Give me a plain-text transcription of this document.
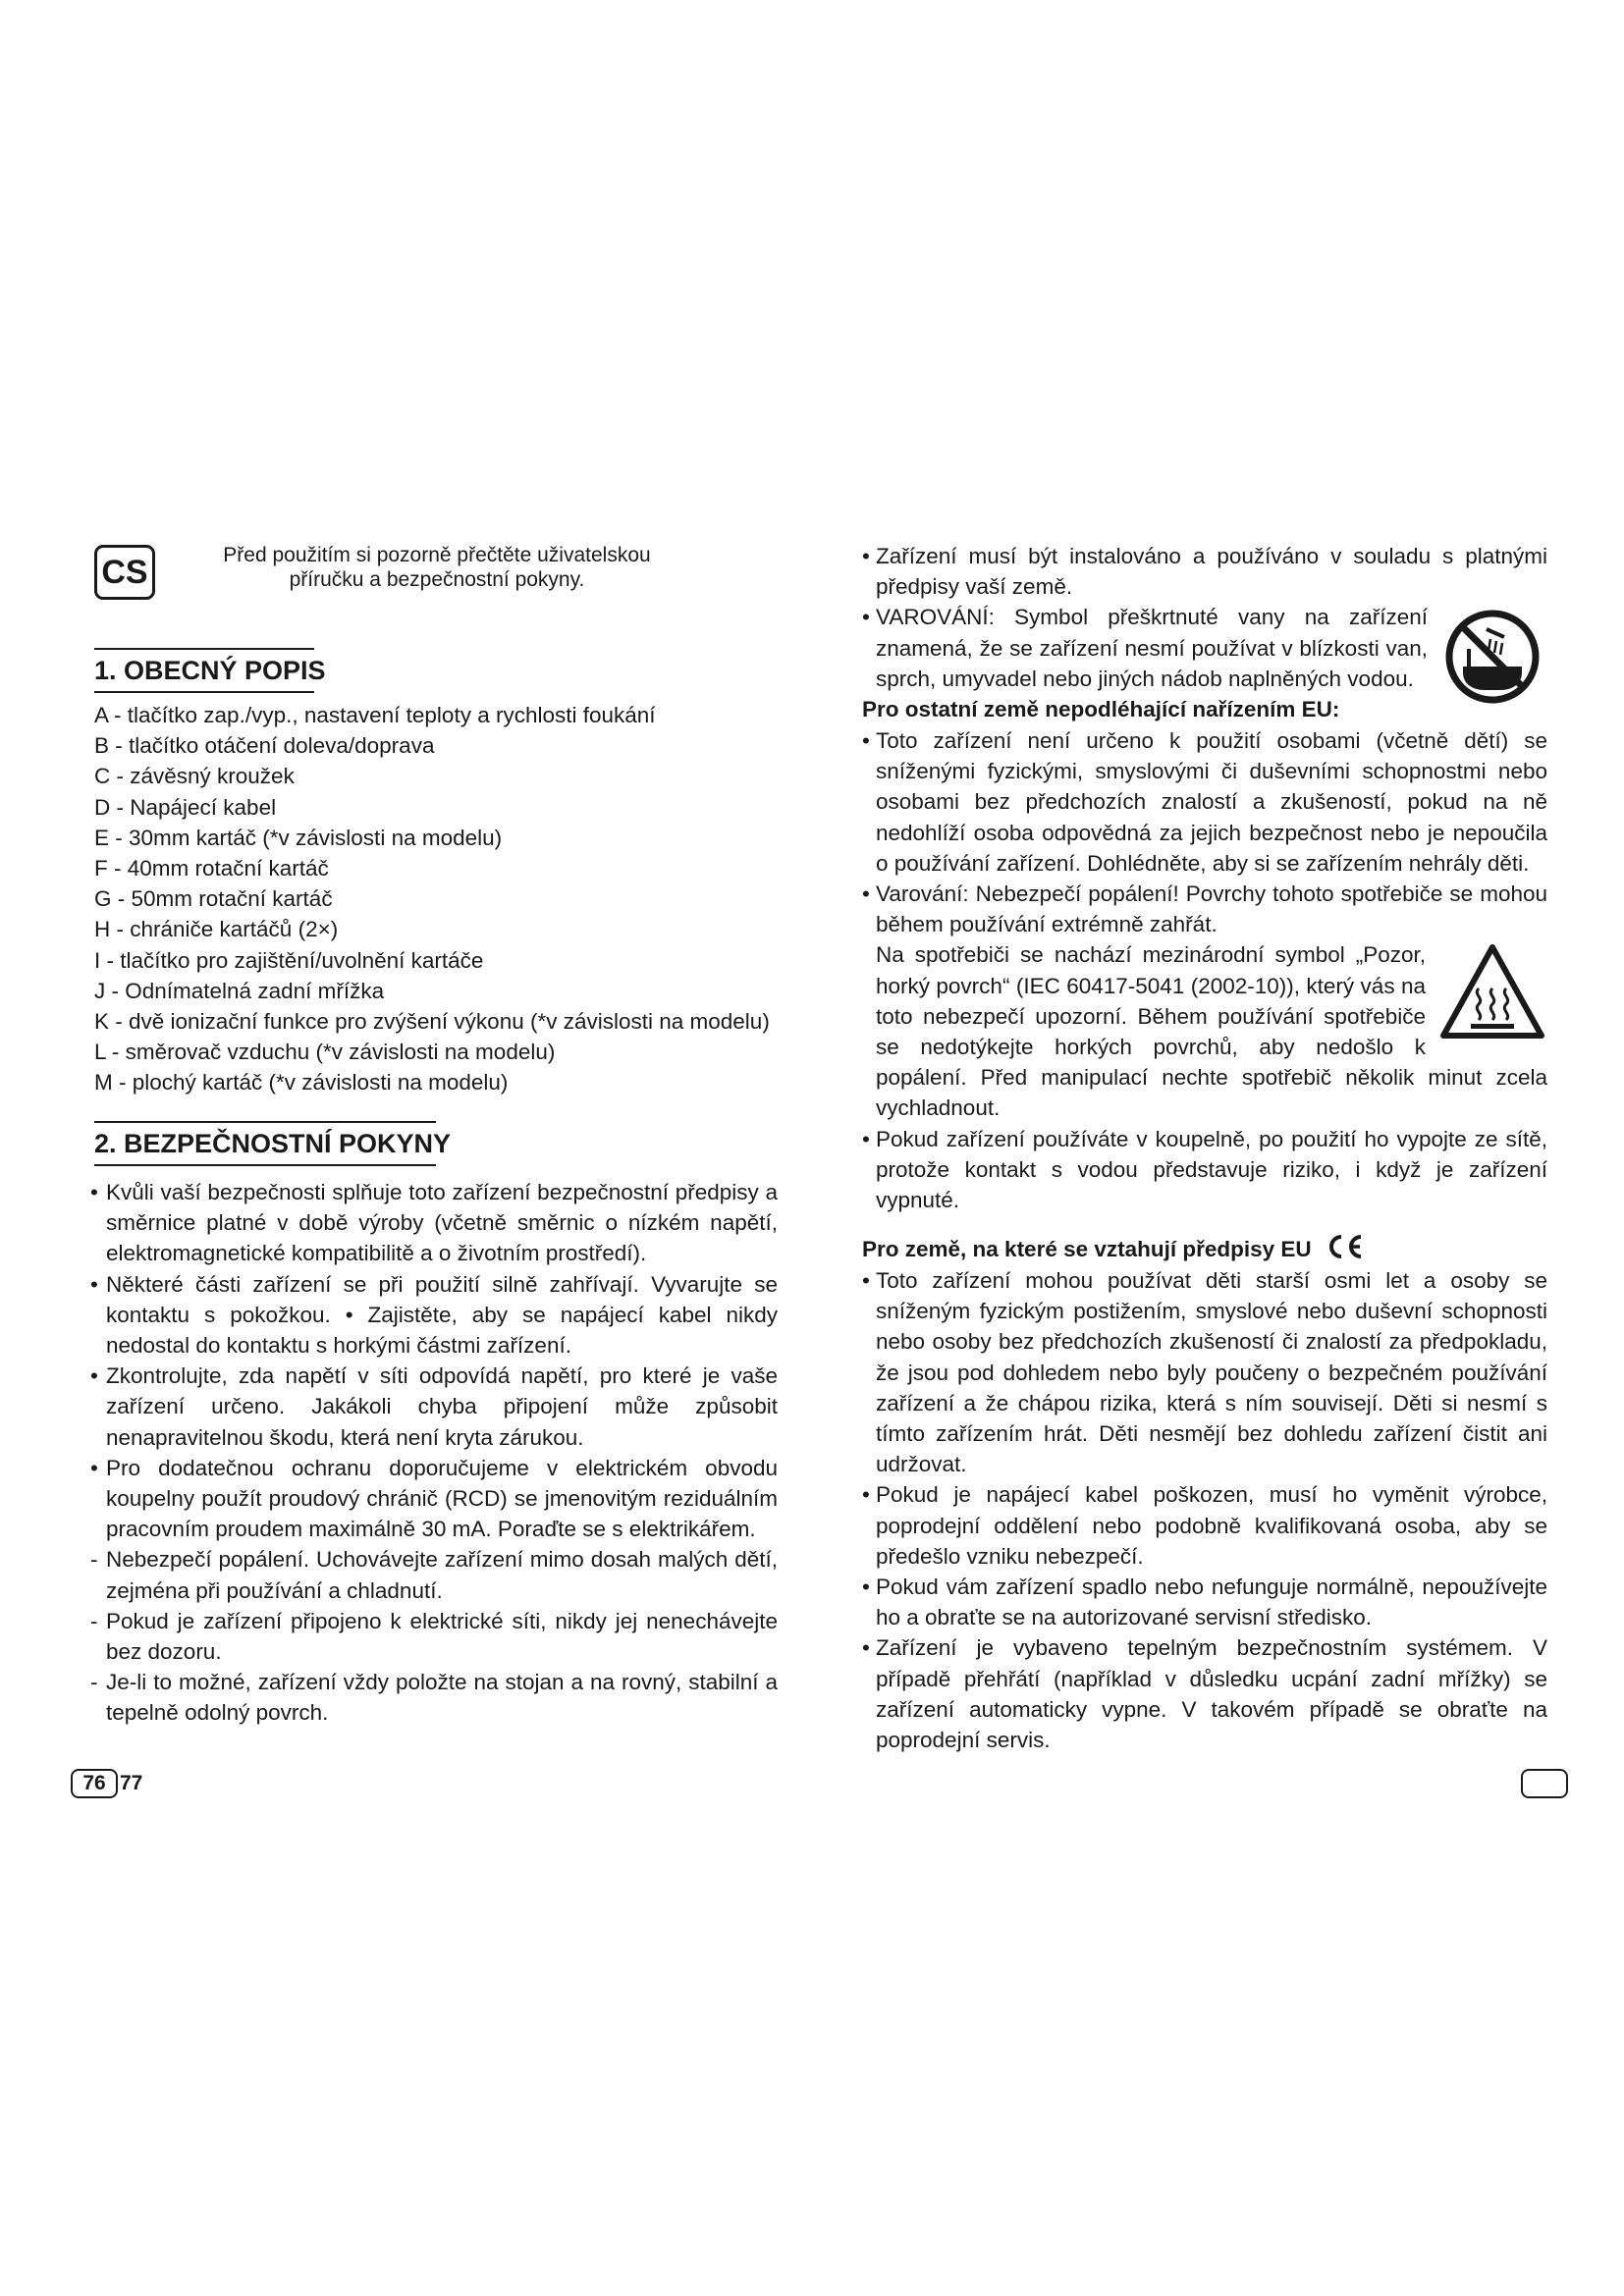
CS	Před použitím si pozorně přečtěte uživatelskou
příručku a bezpečnostní pokyny.
1. OBECNÝ POPIS
A - tlačítko zap./vyp., nastavení teploty a rychlosti foukání
B - tlačítko otáčení doleva/doprava
C - závěsný kroužek
D - Napájecí kabel
E - 30mm kartáč (*v závislosti na modelu)
F - 40mm rotační kartáč
G - 50mm rotační kartáč
H - chrániče kartáčů (2×)
I - tlačítko pro zajištění/uvolnění kartáče
J - Odnímatelná zadní mřížka
K - dvě ionizační funkce pro zvýšení výkonu (*v závislosti na modelu)
L - směrovač vzduchu (*v závislosti na modelu)
M - plochý kartáč (*v závislosti na modelu)
2. BEZPEČNOSTNÍ POKYNY
• Kvůli vaší bezpečnosti splňuje toto zařízení bezpečnostní předpisy a směrnice platné v době výroby (včetně směrnic o nízkém napětí, elektromagnetické kompatibilitě a o životním prostředí).
• Některé části zařízení se při použití silně zahřívají. Vyvarujte se kontaktu s pokožkou. • Zajistěte, aby se napájecí kabel nikdy nedostal do kontaktu s horkými částmi zařízení.
• Zkontrolujte, zda napětí v síti odpovídá napětí, pro které je vaše zařízení určeno. Jakákoli chyba připojení může způsobit nenapravitelnou škodu, která není kryta zárukou.
• Pro dodatečnou ochranu doporučujeme v elektrickém obvodu koupelny použít proudový chránič (RCD) se jmenovitým reziduálním pracovním proudem maximálně 30 mA. Poraďte se s elektrikářem.
- Nebezpečí popálení. Uchovávejte zařízení mimo dosah malých dětí, zejména při používání a chladnutí.
- Pokud je zařízení připojeno k elektrické síti, nikdy jej nenechávejte bez dozoru.
- Je-li to možné, zařízení vždy položte na stojan a na rovný, stabilní a tepelně odolný povrch.
• Zařízení musí být instalováno a používáno v souladu s platnými předpisy vaší země.
• VAROVÁNÍ: Symbol přeškrtnuté vany na zařízení znamená, že se zařízení nesmí používat v blízkosti van, sprch, umyvadel nebo jiných nádob naplněných vodou.
Pro ostatní země nepodléhající nařízením EU:
• Toto zařízení není určeno k použití osobami (včetně dětí) se sníženými fyzickými, smyslovými či duševními schopnostmi nebo osobami bez předchozích znalostí a zkušeností, pokud na ně nedohlíží osoba odpovědná za jejich bezpečnost nebo je nepoučila o používání zařízení. Dohlédněte, aby si se zařízením nehrály děti.
• Varování: Nebezpečí popálení! Povrchy tohoto spotřebiče se mohou během používání extrémně zahřát.
Na spotřebiči se nachází mezinárodní symbol „Pozor, horký povrch“ (IEC 60417-5041 (2002-10)), který vás na toto nebezpečí upozorní. Během používání spotřebiče se nedotýkejte horkých povrchů, aby nedošlo k popálení. Před manipulací nechte spotřebič několik minut zcela vychladnout.
• Pokud zařízení používáte v koupelně, po použití ho vypojte ze sítě, protože kontakt s vodou představuje riziko, i když je zařízení vypnuté.
Pro země, na které se vztahují předpisy EU
• Toto zařízení mohou používat děti starší osmi let a osoby se sníženým fyzickým postižením, smyslové nebo duševní schopnosti nebo osoby bez předchozích zkušeností či znalostí za předpokladu, že jsou pod dohledem nebo byly poučeny o bezpečném používání zařízení a že chápou rizika, která s ním souvisejí. Děti si nesmí s tímto zařízením hrát. Děti nesmějí bez dohledu zařízení čistit ani udržovat.
• Pokud je napájecí kabel poškozen, musí ho vyměnit výrobce, poprodejní oddělení nebo podobně kvalifikovaná osoba, aby se předešlo vzniku nebezpečí.
• Pokud vám zařízení spadlo nebo nefunguje normálně, nepoužívejte ho a obraťte se na autorizované servisní středisko.
• Zařízení je vybaveno tepelným bezpečnostním systémem. V případě přehřátí (například v důsledku ucpání zadní mřížky) se zařízení automaticky vypne. V takovém případě se obraťte na poprodejní servis.
76 77
